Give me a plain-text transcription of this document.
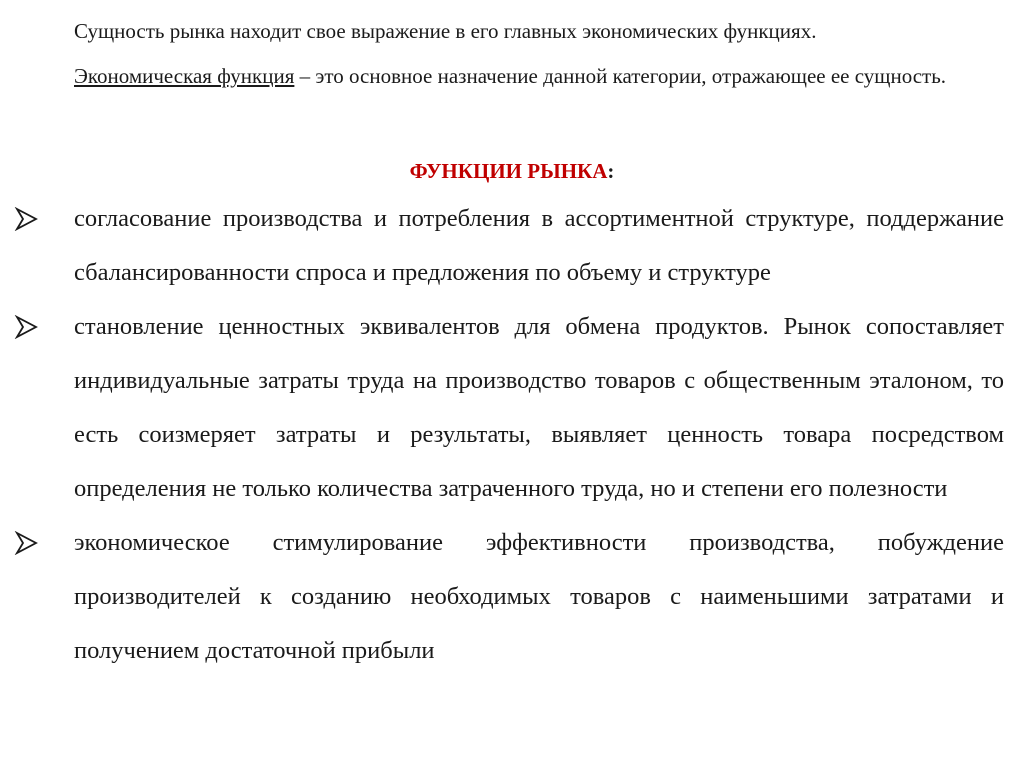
Сущность рынка находит свое выражение в его главных экономических функциях.

Экономическая функция – это основное назначение данной категории, отражающее ее сущность.

ФУНКЦИИ РЫНКА:
согласование производства и потребления в ассортиментной структуре, поддержание сбалансированности спроса и предложения по объему и структуре
становление ценностных эквивалентов для обмена продуктов. Рынок сопоставляет индивидуальные затраты труда на производство товаров с общественным эталоном, то есть соизмеряет затраты и результаты, выявляет ценность товара посредством определения не только количества затраченного труда, но и степени его полезности
экономическое стимулирование эффективности производства, побуждение производителей к созданию необходимых товаров с наименьшими затратами и получением достаточной прибыли
